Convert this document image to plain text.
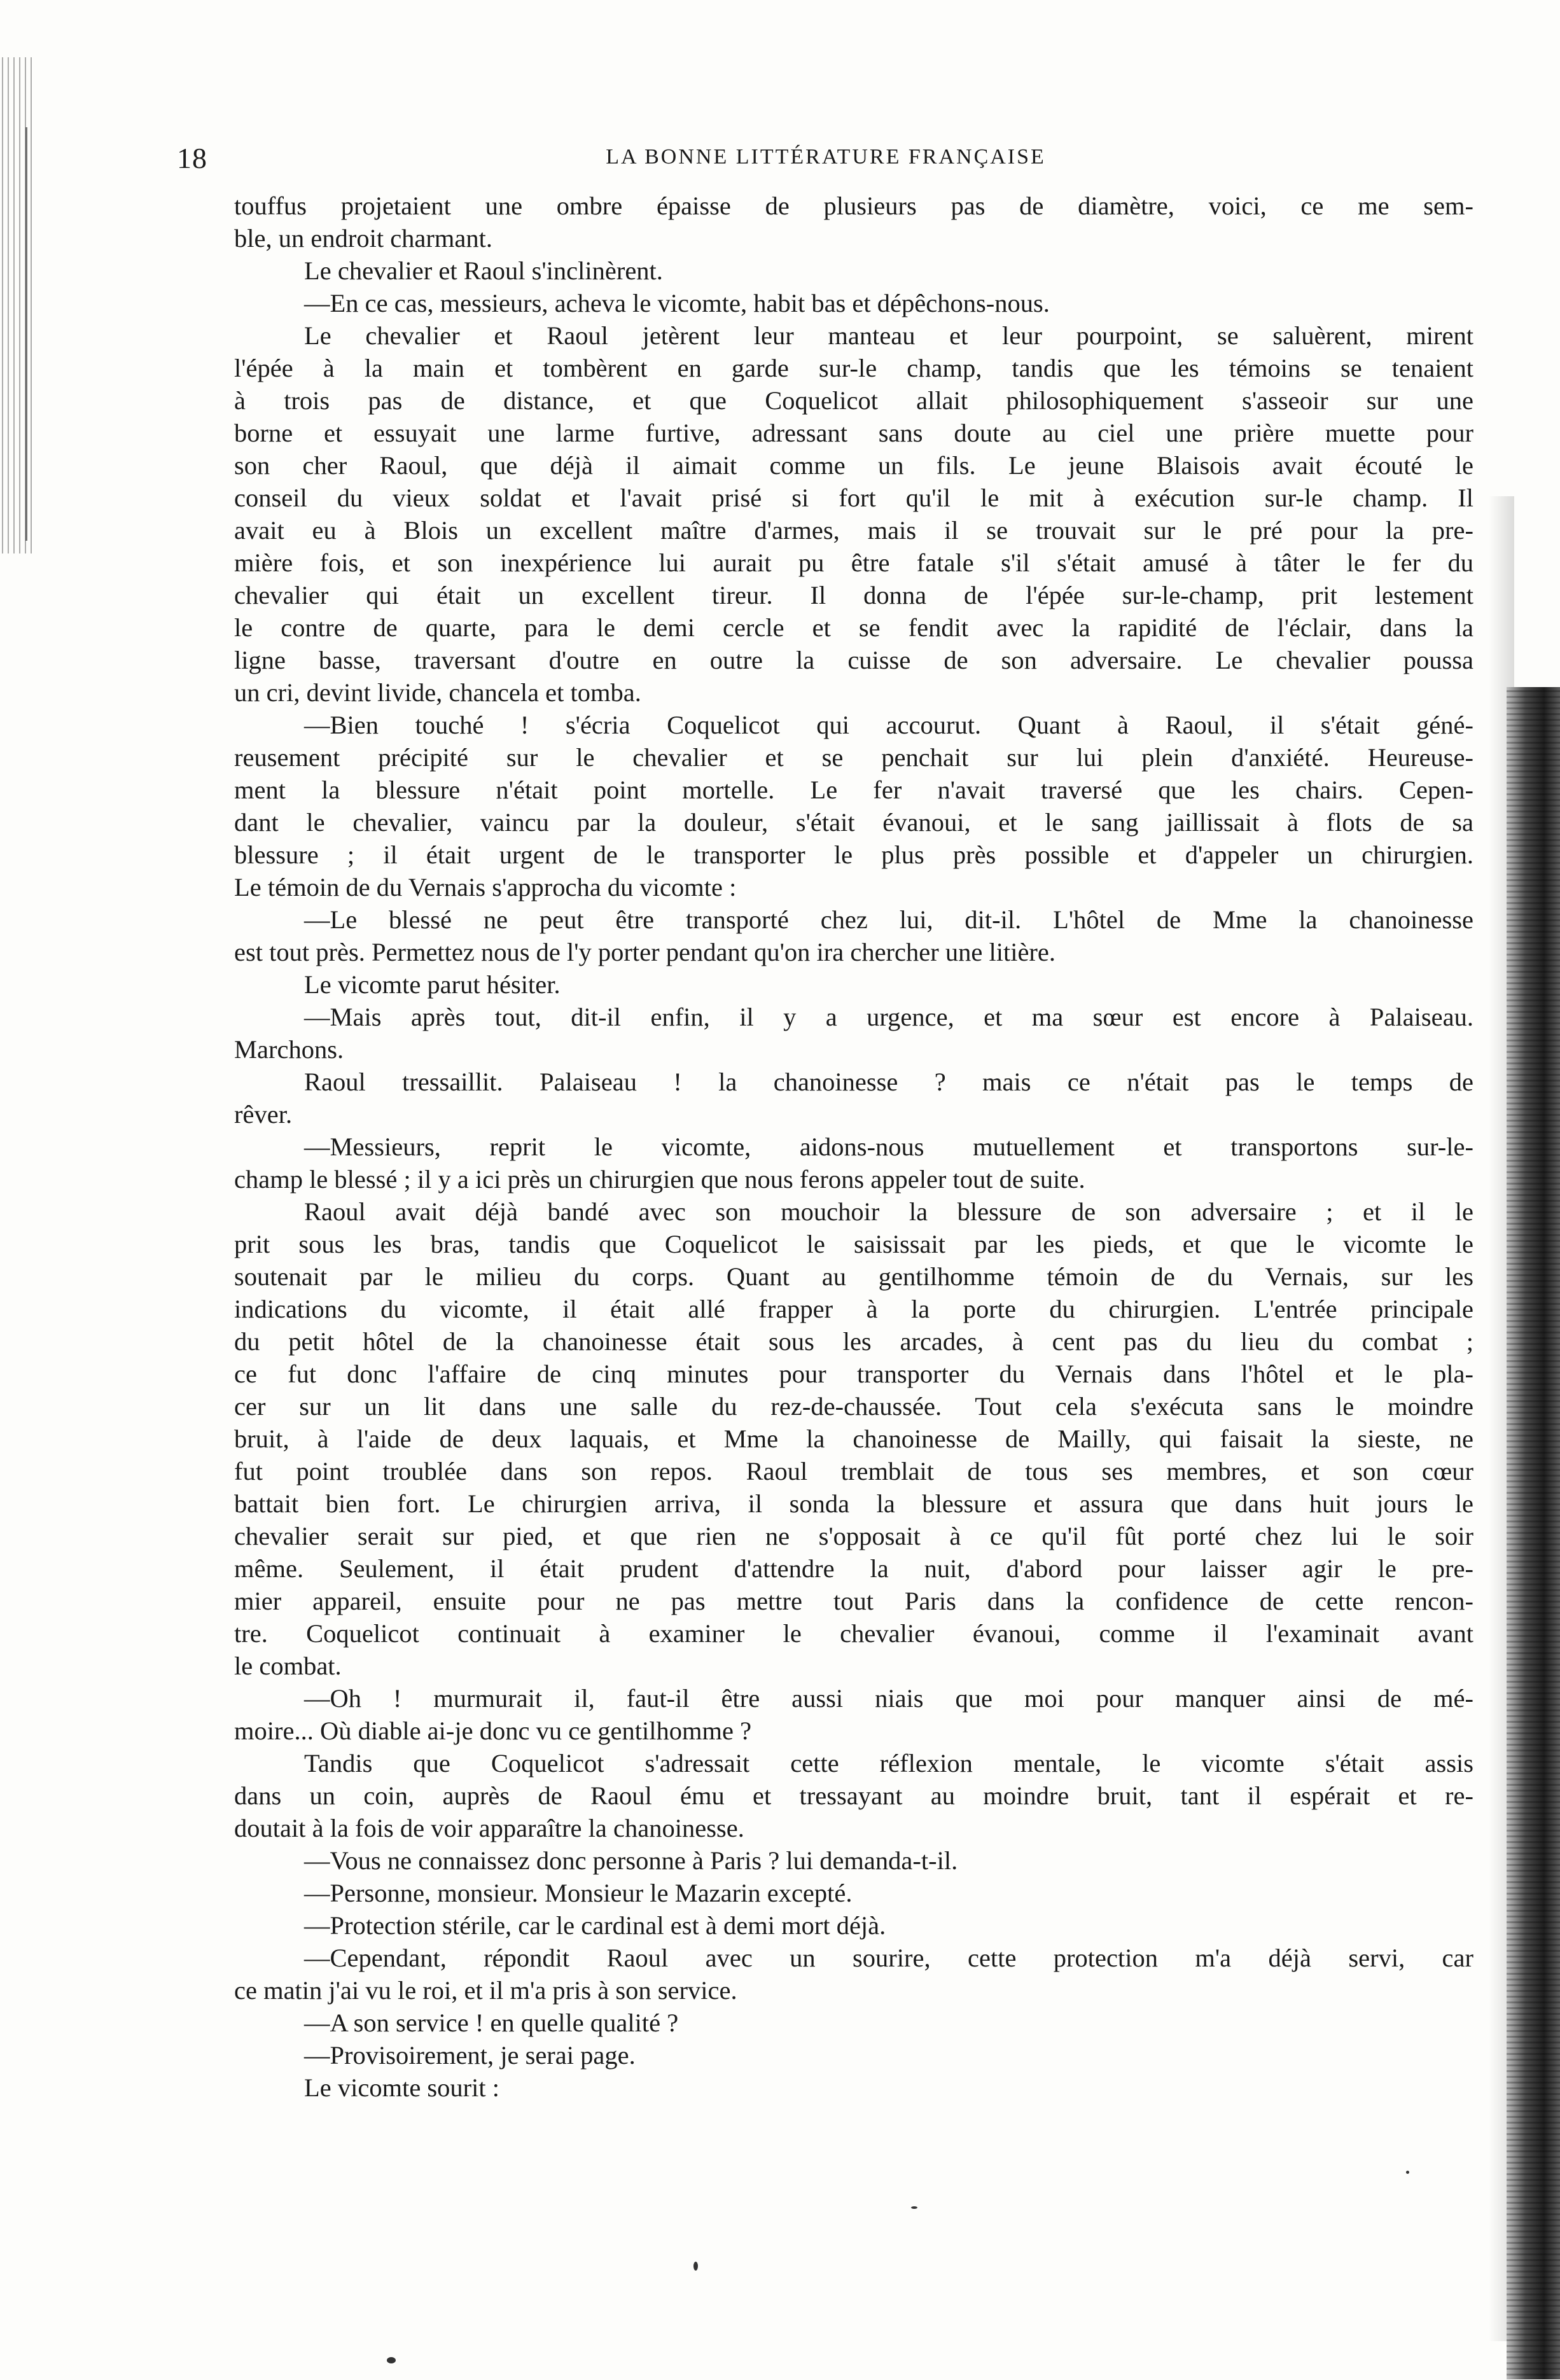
18	LA BONNE LITTÉRATURE FRANÇAISE
touffus projetaient une ombre épaisse de plusieurs pas de diamètre, voici, ce me sem-
ble, un endroit charmant.
Le chevalier et Raoul s'inclinèrent.
—En ce cas, messieurs, acheva le vicomte, habit bas et dépêchons-nous.
Le chevalier et Raoul jetèrent leur manteau et leur pourpoint, se saluèrent, mirent
l'épée à la main et tombèrent en garde sur-le champ, tandis que les témoins se tenaient
à trois pas de distance, et que Coquelicot allait philosophiquement s'asseoir sur une
borne et essuyait une larme furtive, adressant sans doute au ciel une prière muette pour
son cher Raoul, que déjà il aimait comme un fils. Le jeune Blaisois avait écouté le
conseil du vieux soldat et l'avait prisé si fort qu'il le mit à exécution sur-le champ. Il
avait eu à Blois un excellent maître d'armes, mais il se trouvait sur le pré pour la pre-
mière fois, et son inexpérience lui aurait pu être fatale s'il s'était amusé à tâter le fer du
chevalier qui était un excellent tireur. Il donna de l'épée sur-le-champ, prit lestement
le contre de quarte, para le demi cercle et se fendit avec la rapidité de l'éclair, dans la
ligne basse, traversant d'outre en outre la cuisse de son adversaire. Le chevalier poussa
un cri, devint livide, chancela et tomba.
—Bien touché ! s'écria Coquelicot qui accourut. Quant à Raoul, il s'était géné-
reusement précipité sur le chevalier et se penchait sur lui plein d'anxiété. Heureuse-
ment la blessure n'était point mortelle. Le fer n'avait traversé que les chairs. Cepen-
dant le chevalier, vaincu par la douleur, s'était évanoui, et le sang jaillissait à flots de sa
blessure ; il était urgent de le transporter le plus près possible et d'appeler un chirurgien.
Le témoin de du Vernais s'approcha du vicomte :
—Le blessé ne peut être transporté chez lui, dit-il. L'hôtel de Mme la chanoinesse
est tout près. Permettez nous de l'y porter pendant qu'on ira chercher une litière.
Le vicomte parut hésiter.
—Mais après tout, dit-il enfin, il y a urgence, et ma sœur est encore à Palaiseau.
Marchons.
Raoul tressaillit. Palaiseau ! la chanoinesse ? mais ce n'était pas le temps de
rêver.
—Messieurs, reprit le vicomte, aidons-nous mutuellement et transportons sur-le-
champ le blessé ; il y a ici près un chirurgien que nous ferons appeler tout de suite.
Raoul avait déjà bandé avec son mouchoir la blessure de son adversaire ; et il le
prit sous les bras, tandis que Coquelicot le saisissait par les pieds, et que le vicomte le
soutenait par le milieu du corps. Quant au gentilhomme témoin de du Vernais, sur les
indications du vicomte, il était allé frapper à la porte du chirurgien. L'entrée principale
du petit hôtel de la chanoinesse était sous les arcades, à cent pas du lieu du combat ;
ce fut donc l'affaire de cinq minutes pour transporter du Vernais dans l'hôtel et le pla-
cer sur un lit dans une salle du rez-de-chaussée. Tout cela s'exécuta sans le moindre
bruit, à l'aide de deux laquais, et Mme la chanoinesse de Mailly, qui faisait la sieste, ne
fut point troublée dans son repos. Raoul tremblait de tous ses membres, et son cœur
battait bien fort. Le chirurgien arriva, il sonda la blessure et assura que dans huit jours le
chevalier serait sur pied, et que rien ne s'opposait à ce qu'il fût porté chez lui le soir
même. Seulement, il était prudent d'attendre la nuit, d'abord pour laisser agir le pre-
mier appareil, ensuite pour ne pas mettre tout Paris dans la confidence de cette rencon-
tre. Coquelicot continuait à examiner le chevalier évanoui, comme il l'examinait avant
le combat.
—Oh ! murmurait il, faut-il être aussi niais que moi pour manquer ainsi de mé-
moire... Où diable ai-je donc vu ce gentilhomme ?
Tandis que Coquelicot s'adressait cette réflexion mentale, le vicomte s'était assis
dans un coin, auprès de Raoul ému et tressayant au moindre bruit, tant il espérait et re-
doutait à la fois de voir apparaître la chanoinesse.
—Vous ne connaissez donc personne à Paris ? lui demanda-t-il.
—Personne, monsieur. Monsieur le Mazarin excepté.
—Protection stérile, car le cardinal est à demi mort déjà.
—Cependant, répondit Raoul avec un sourire, cette protection m'a déjà servi, car
ce matin j'ai vu le roi, et il m'a pris à son service.
—A son service ! en quelle qualité ?
—Provisoirement, je serai page.
Le vicomte sourit :
